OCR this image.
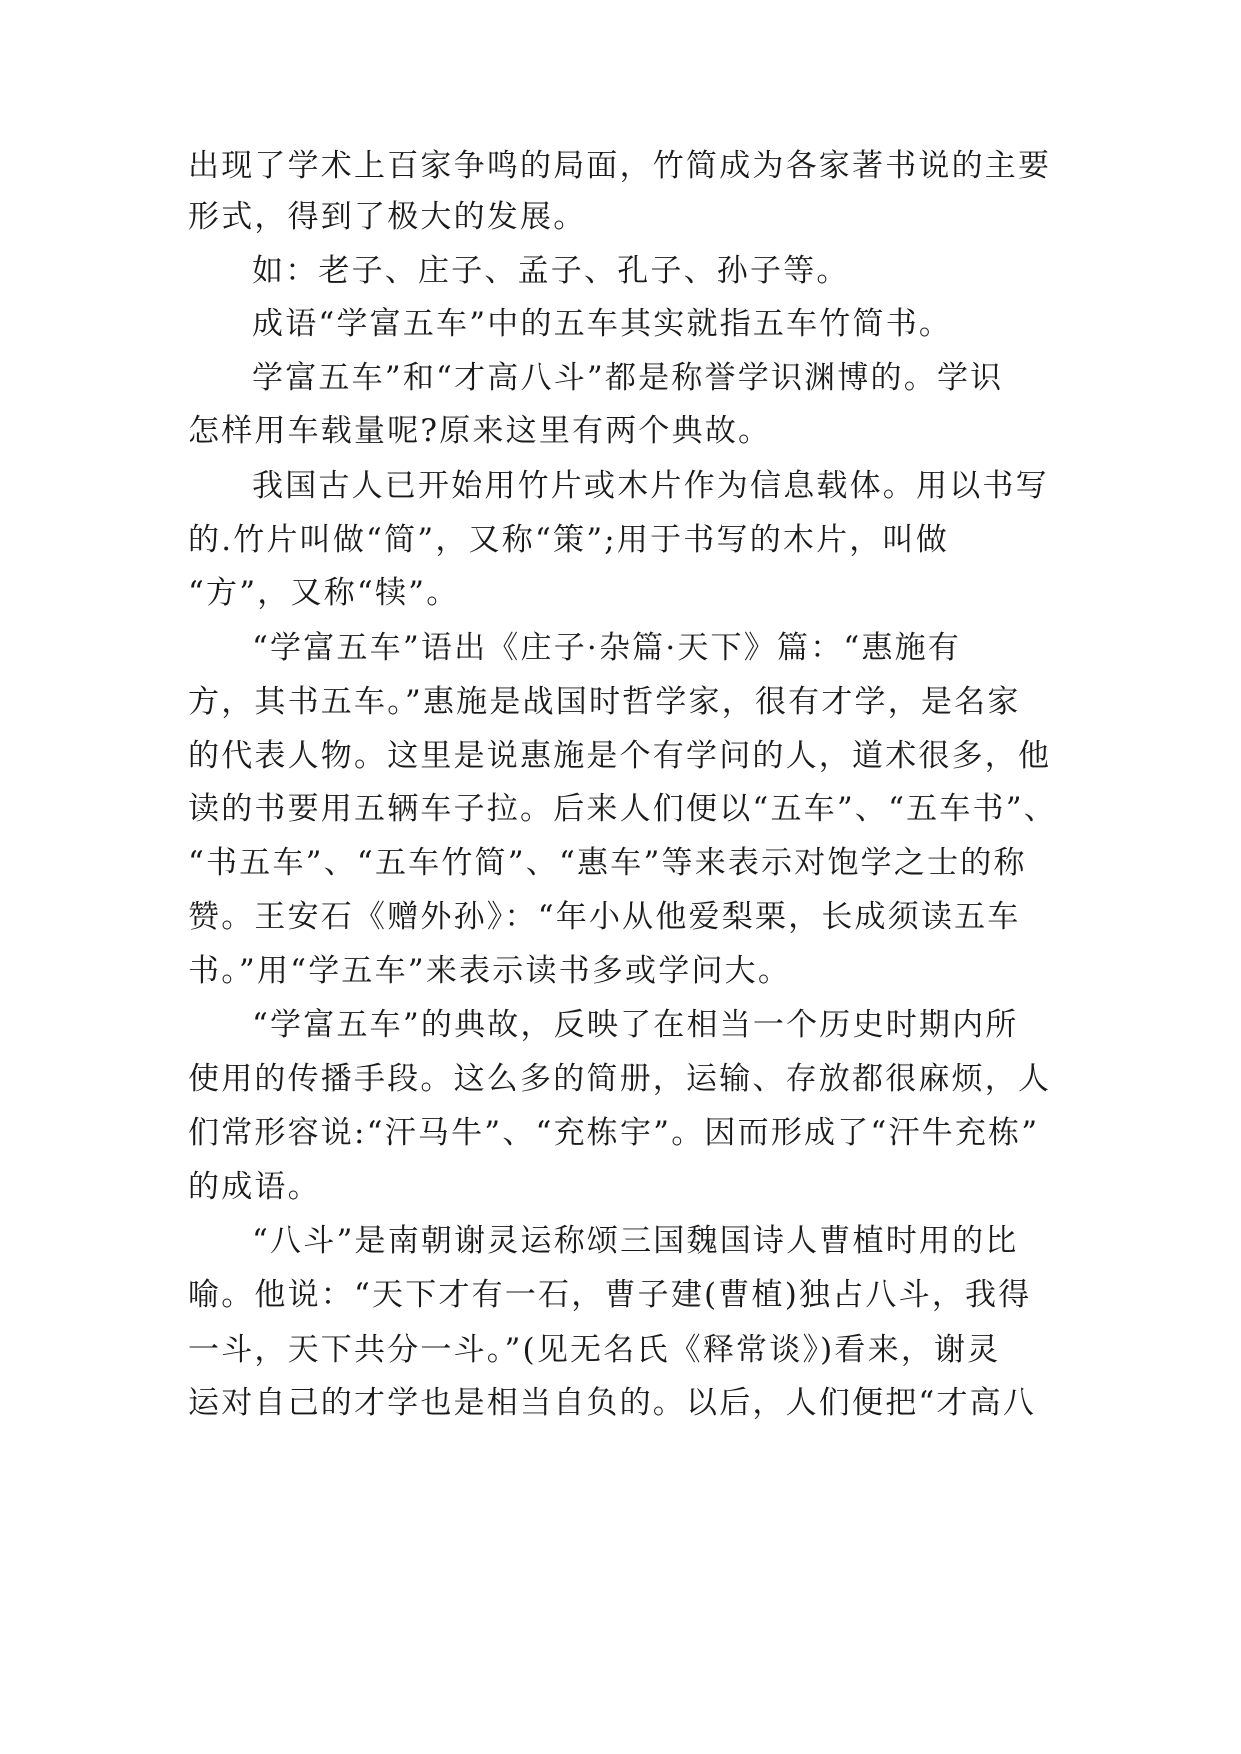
出现了学术上百家争鸣的局面，竹简成为各家著书说的主要
形式，得到了极大的发展。
如：老子、庄子、孟子、孔子、孙子等。
成语“学富五车”中的五车其实就指五车竹简书。
学富五车”和“才高八斗”都是称誉学识渊博的。学识
怎样用车载量呢?原来这里有两个典故。
我国古人已开始用竹片或木片作为信息载体。用以书写
的.竹片叫做“简”，又称“策”;用于书写的木片，叫做
“方”，又称“犊”。
“学富五车”语出《庄子·杂篇·天下》篇：“惠施有
方，其书五车。”惠施是战国时哲学家，很有才学，是名家
的代表人物。这里是说惠施是个有学问的人，道术很多，他
读的书要用五辆车子拉。后来人们便以“五车”、“五车书”、
“书五车”、“五车竹简”、“惠车”等来表示对饱学之士的称
赞。王安石《赠外孙》：“年小从他爱梨栗，长成须读五车
书。”用“学五车”来表示读书多或学问大。
“学富五车”的典故，反映了在相当一个历史时期内所
使用的传播手段。这么多的简册，运输、存放都很麻烦，人
们常形容说:“汗马牛”、“充栋宇”。因而形成了“汗牛充栋”
的成语。
“八斗”是南朝谢灵运称颂三国魏国诗人曹植时用的比
喻。他说：“天下才有一石，曹子建(曹植)独占八斗，我得
一斗，天下共分一斗。”(见无名氏《释常谈》)看来，谢灵
运对自己的才学也是相当自负的。以后，人们便把“才高八
